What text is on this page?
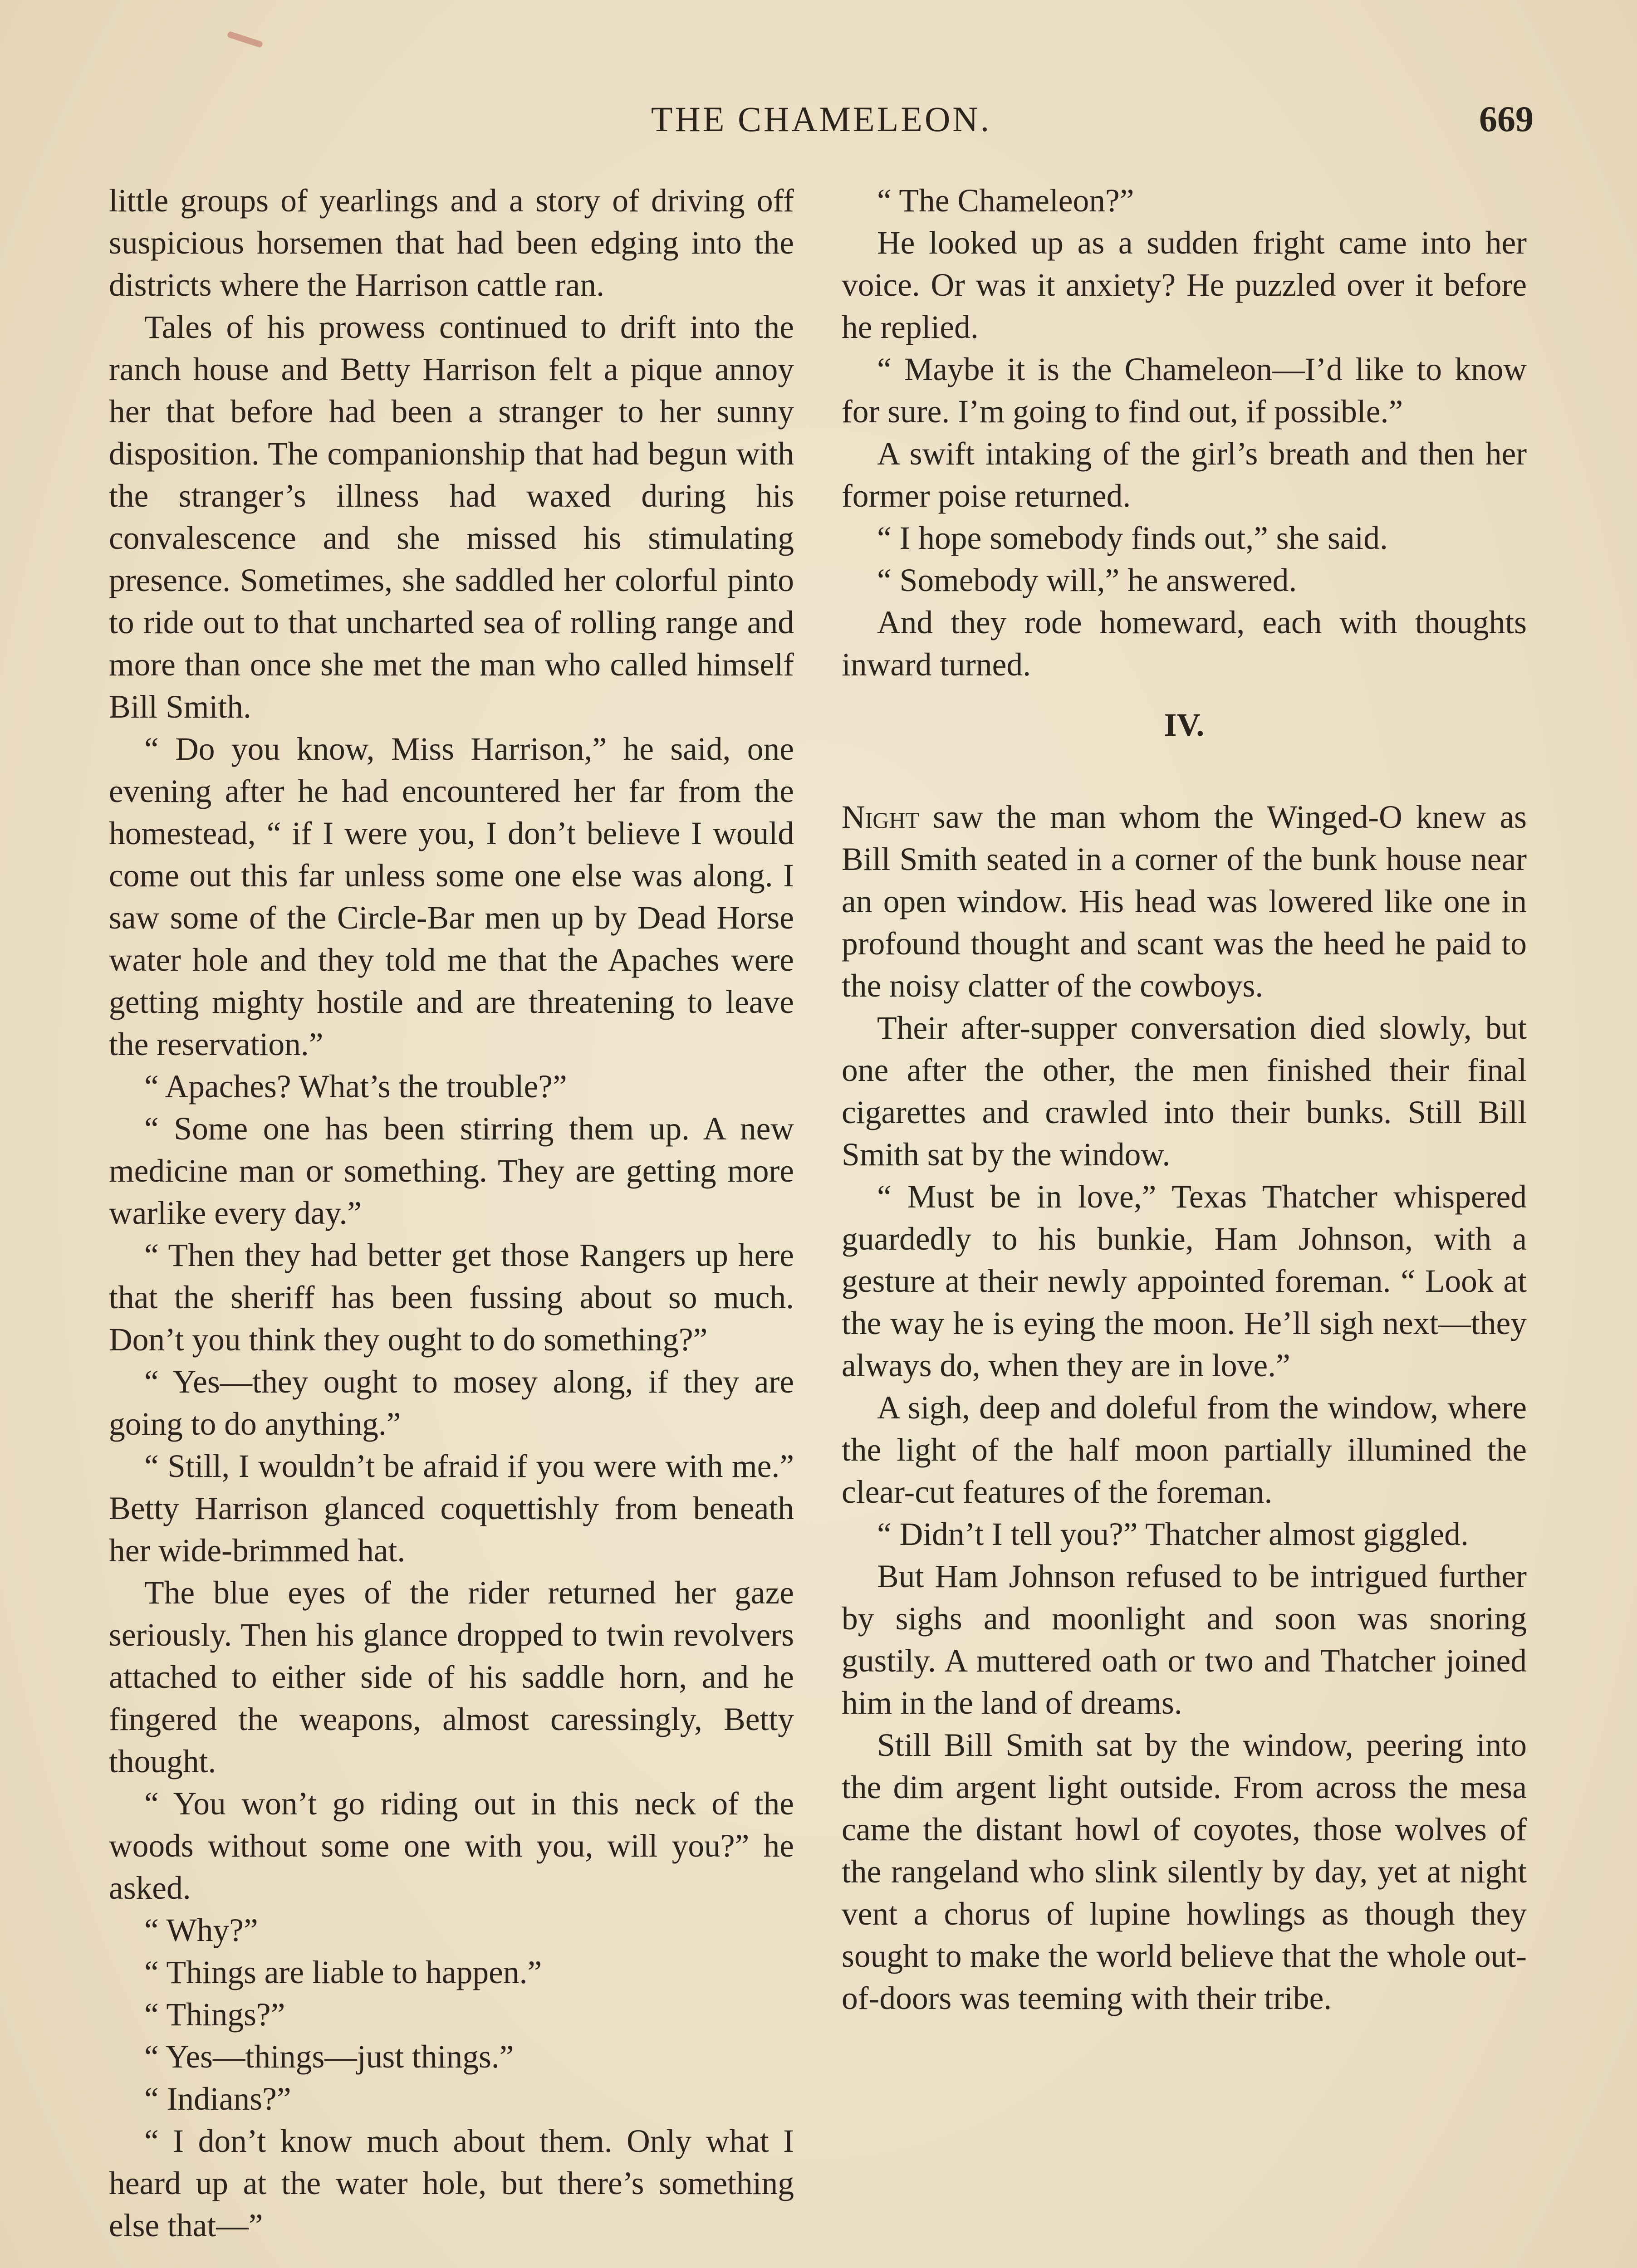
THE CHAMELEON.	669

little groups of yearlings and a story of driving off suspicious horsemen that had been edging into the districts where the Harrison cattle ran.

Tales of his prowess continued to drift into the ranch house and Betty Harrison felt a pique annoy her that before had been a stranger to her sunny disposition. The companionship that had begun with the stranger’s illness had waxed during his convalescence and she missed his stimulating presence. Sometimes, she saddled her colorful pinto to ride out to that uncharted sea of rolling range and more than once she met the man who called himself Bill Smith.

“ Do you know, Miss Harrison,” he said, one evening after he had encountered her far from the homestead, “ if I were you, I don’t believe I would come out this far unless some one else was along. I saw some of the Circle-Bar men up by Dead Horse water hole and they told me that the Apaches were getting mighty hostile and are threatening to leave the reservation.”

“ Apaches? What’s the trouble?”

“ Some one has been stirring them up. A new medicine man or something. They are getting more warlike every day.”

“ Then they had better get those Rangers up here that the sheriff has been fussing about so much. Don’t you think they ought to do something?”

“ Yes—they ought to mosey along, if they are going to do anything.”

“ Still, I wouldn’t be afraid if you were with me.” Betty Harrison glanced coquettishly from beneath her wide-brimmed hat.

The blue eyes of the rider returned her gaze seriously. Then his glance dropped to twin revolvers attached to either side of his saddle horn, and he fingered the weapons, almost caressingly, Betty thought.

“ You won’t go riding out in this neck of the woods without some one with you, will you?” he asked.

“ Why?”

“ Things are liable to happen.”

“ Things?”

“ Yes—things—just things.”

“ Indians?”

“ I don’t know much about them. Only what I heard up at the water hole, but there’s something else that—”

“ The Chameleon?”

He looked up as a sudden fright came into her voice. Or was it anxiety? He puzzled over it before he replied.

“ Maybe it is the Chameleon—I’d like to know for sure. I’m going to find out, if possible.”

A swift intaking of the girl’s breath and then her former poise returned.

“ I hope somebody finds out,” she said.

“ Somebody will,” he answered.

And they rode homeward, each with thoughts inward turned.

IV.

Night saw the man whom the Winged-O knew as Bill Smith seated in a corner of the bunk house near an open window. His head was lowered like one in profound thought and scant was the heed he paid to the noisy clatter of the cowboys.

Their after-supper conversation died slowly, but one after the other, the men finished their final cigarettes and crawled into their bunks. Still Bill Smith sat by the window.

“ Must be in love,” Texas Thatcher whispered guardedly to his bunkie, Ham Johnson, with a gesture at their newly appointed foreman. “ Look at the way he is eying the moon. He’ll sigh next—they always do, when they are in love.”

A sigh, deep and doleful from the window, where the light of the half moon partially illumined the clear-cut features of the foreman.

“ Didn’t I tell you?” Thatcher almost giggled.

But Ham Johnson refused to be intrigued further by sighs and moonlight and soon was snoring gustily. A muttered oath or two and Thatcher joined him in the land of dreams.

Still Bill Smith sat by the window, peering into the dim argent light outside. From across the mesa came the distant howl of coyotes, those wolves of the rangeland who slink silently by day, yet at night vent a chorus of lupine howlings as though they sought to make the world believe that the whole out-of-doors was teeming with their tribe.
